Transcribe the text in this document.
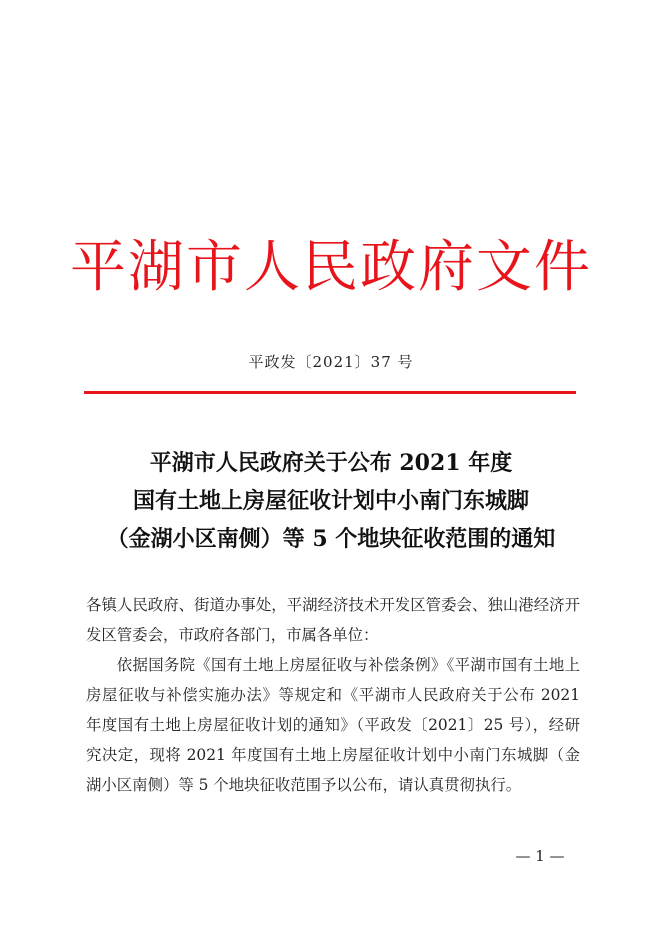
平湖市人民政府文件
平政发〔2021〕37 号
平湖市人民政府关于公布 2021 年度
国有土地上房屋征收计划中小南门东城脚
（金湖小区南侧）等 5 个地块征收范围的通知

各镇人民政府、街道办事处，平湖经济技术开发区管委会、独山港经济开发区管委会，市政府各部门，市属各单位：

依据国务院《国有土地上房屋征收与补偿条例》《平湖市国有土地上房屋征收与补偿实施办法》等规定和《平湖市人民政府关于公布 2021 年度国有土地上房屋征收计划的通知》（平政发〔2021〕25 号），经研究决定，现将 2021 年度国有土地上房屋征收计划中小南门东城脚（金湖小区南侧）等 5 个地块征收范围予以公布，请认真贯彻执行。

— 1 —
